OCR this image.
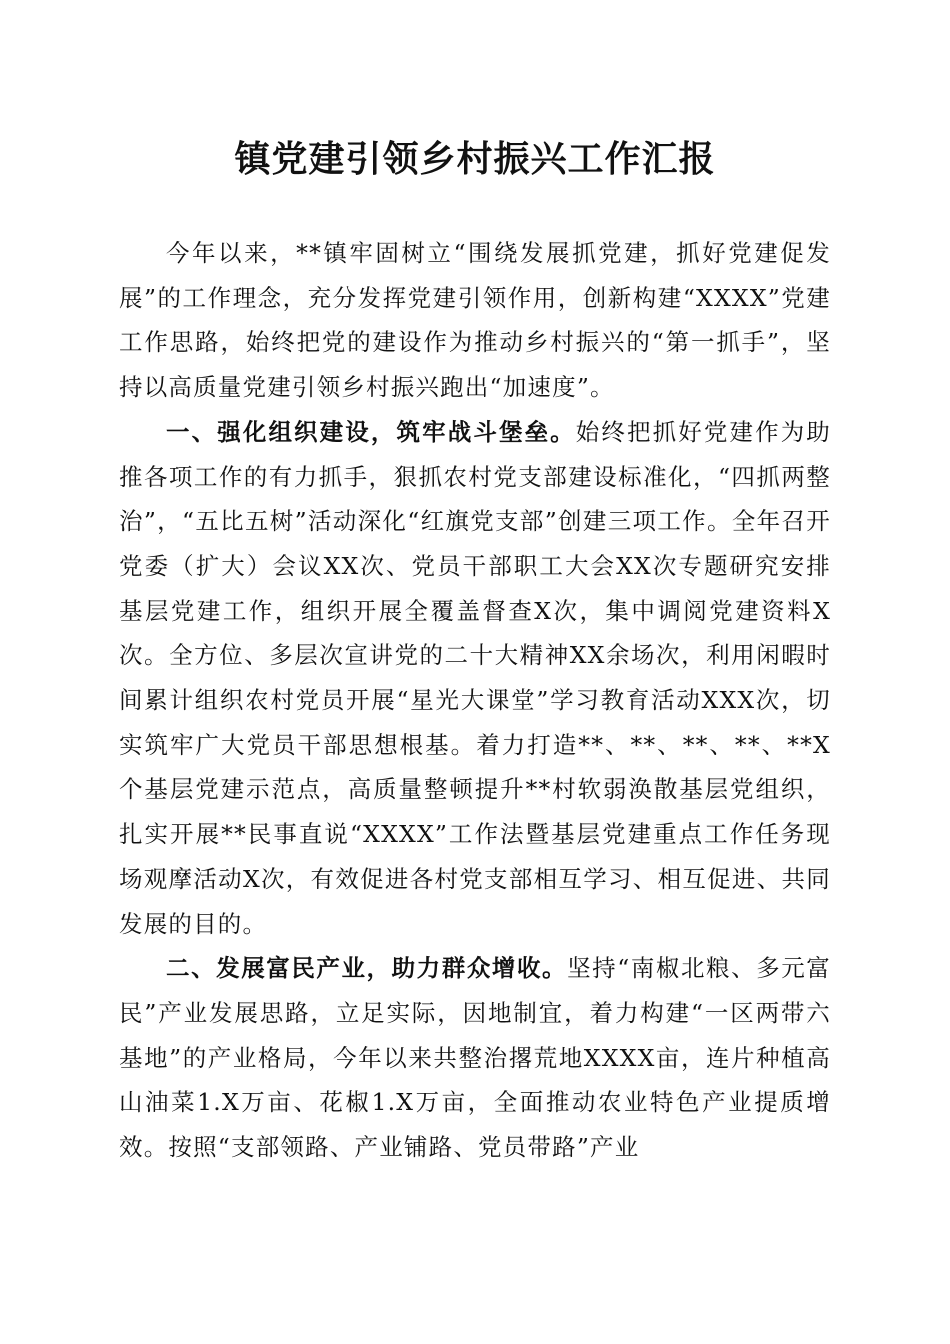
镇党建引领乡村振兴工作汇报

今年以来，**镇牢固树立“围绕发展抓党建，抓好党建促发展”的工作理念，充分发挥党建引领作用，创新构建“XXXX”党建工作思路，始终把党的建设作为推动乡村振兴的“第一抓手”，坚持以高质量党建引领乡村振兴跑出“加速度”。

一、强化组织建设，筑牢战斗堡垒。始终把抓好党建作为助推各项工作的有力抓手，狠抓农村党支部建设标准化，“四抓两整治”，“五比五树”活动深化“红旗党支部”创建三项工作。全年召开党委（扩大）会议XX次、党员干部职工大会XX次专题研究安排基层党建工作，组织开展全覆盖督查X次，集中调阅党建资料X次。全方位、多层次宣讲党的二十大精神XX余场次，利用闲暇时间累计组织农村党员开展“星光大课堂”学习教育活动XXX次，切实筑牢广大党员干部思想根基。着力打造**、**、**、**、**X个基层党建示范点，高质量整顿提升**村软弱涣散基层党组织，扎实开展**民事直说“XXXX”工作法暨基层党建重点工作任务现场观摩活动X次，有效促进各村党支部相互学习、相互促进、共同发展的目的。

二、发展富民产业，助力群众增收。坚持“南椒北粮、多元富民”产业发展思路，立足实际，因地制宜，着力构建“一区两带六基地”的产业格局，今年以来共整治撂荒地XXXX亩，连片种植高山油菜1.X万亩、花椒1.X万亩，全面推动农业特色产业提质增效。按照“支部领路、产业铺路、党员带路”产业
